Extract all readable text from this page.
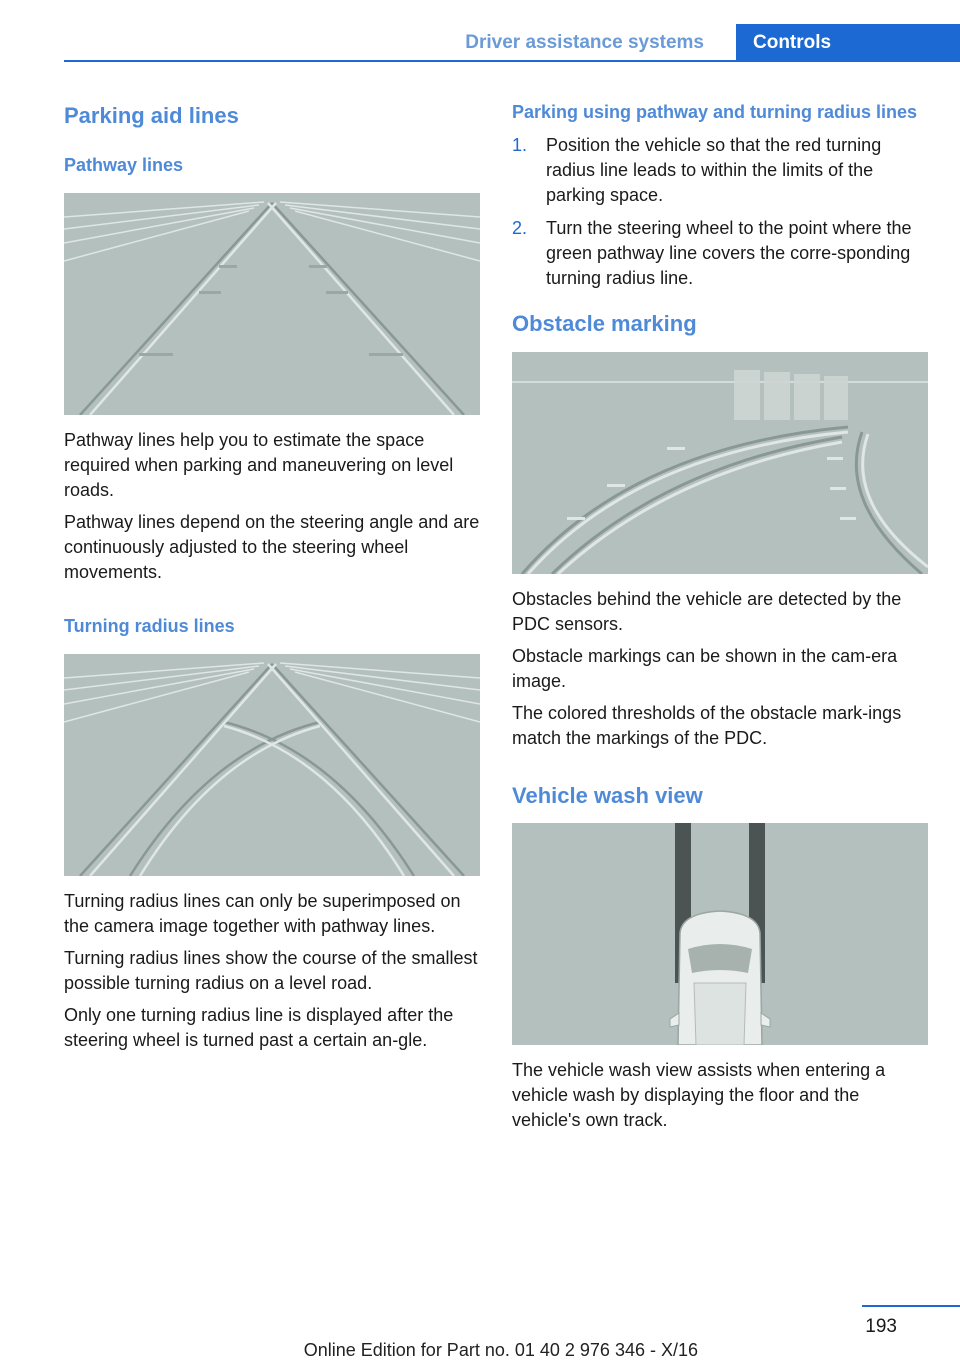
Driver assistance systems	Controls
Parking aid lines
Pathway lines

Pathway lines help you to estimate the space required when parking and maneuvering on level roads.

Pathway lines depend on the steering angle and are continuously adjusted to the steering wheel movements.

Turning radius lines

Turning radius lines can only be superimposed on the camera image together with pathway lines.

Turning radius lines show the course of the smallest possible turning radius on a level road.

Only one turning radius line is displayed after the steering wheel is turned past a certain an‐gle.

Parking using pathway and turning radius lines
1.	Position the vehicle so that the red turning radius line leads to within the limits of the parking space.
2.	Turn the steering wheel to the point where the green pathway line covers the corre‐sponding turning radius line.
Obstacle marking

Obstacles behind the vehicle are detected by the PDC sensors.

Obstacle markings can be shown in the cam‐era image.

The colored thresholds of the obstacle mark‐ings match the markings of the PDC.

Vehicle wash view

The vehicle wash view assists when entering a vehicle wash by displaying the floor and the vehicle's own track.

193
Online Edition for Part no. 01 40 2 976 346 - X/16
